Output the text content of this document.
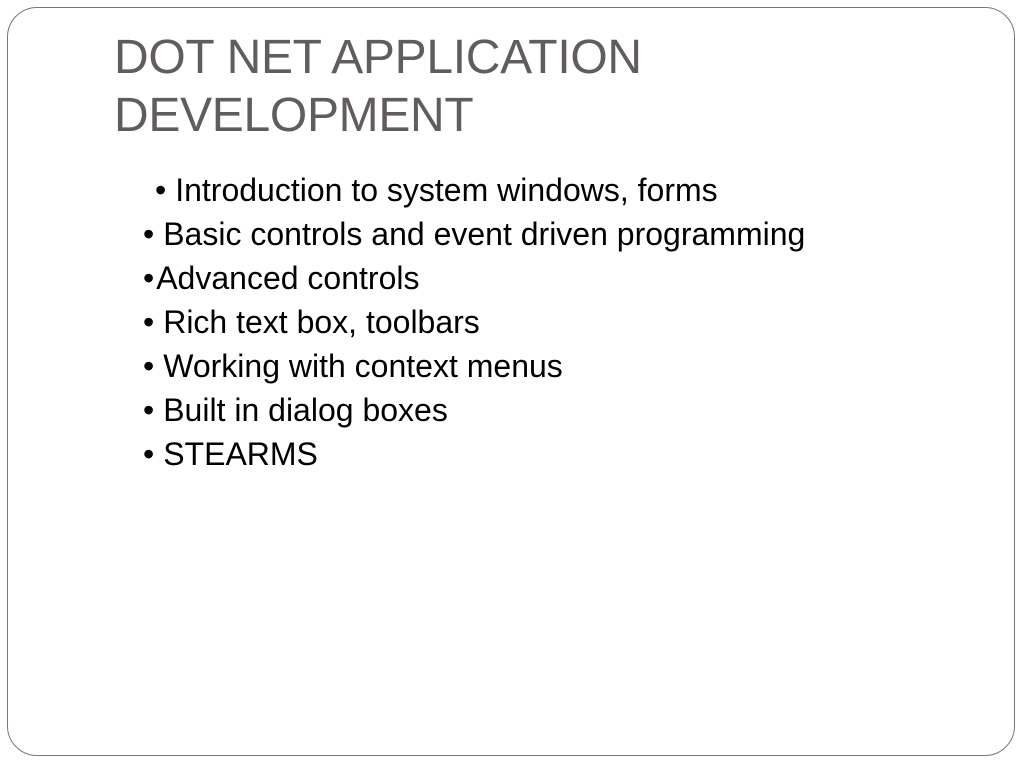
DOT NET APPLICATION
DEVELOPMENT
• Introduction to system windows, forms
• Basic controls and event driven programming
•Advanced controls
• Rich text box, toolbars
• Working with context menus
• Built in dialog boxes
• STEARMS
